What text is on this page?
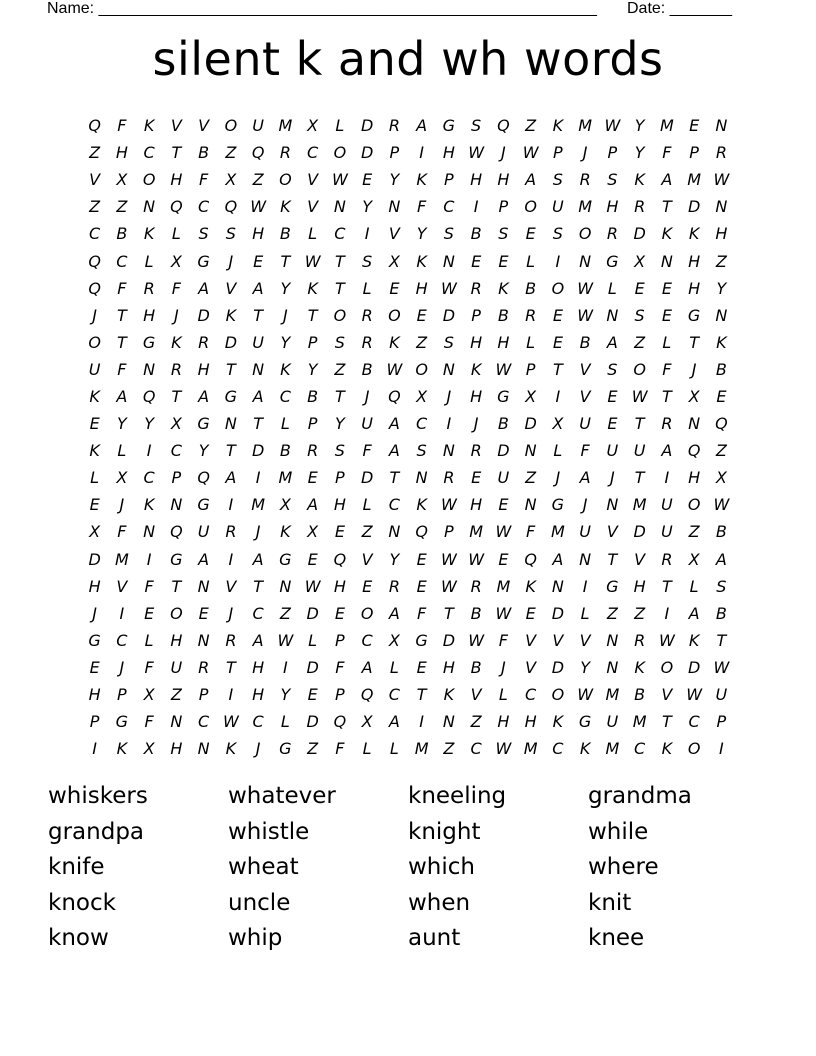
Name: ________________________________________________________ Date: _______
silent k and wh words
Q	F	K	V	V O U M X	L	D R	A G S Q Z	K M W Y M E	N
Z H C	T	B	Z Q R	C O D	P	I	H W	J	W P	J	P	Y	F	P	R
V	X O H	F	X	Z O V W E	Y	K	P	H H A	S	R	S	K	A M W
Z	Z N Q C Q W K	V N	Y	N	F	C	I	P	O U M H R	T	D N
C	B	K	L	S	S	H B	L	C	I	V	Y	S	B	S	E	S O R D K	K H
Q C	L	X G	J	E	T W T	S	X	K	N	E	E	L	I	N G X N H Z
Q	F	R	F	A	V	A	Y	K	T	L	E	H W R	K	B O W L	E	E	H	Y
J	T	H	J	D K	T	J	T	O R O E	D	P	B	R	E W N	S	E	G N
O	T	G K	R D U	Y	P	S	R	K	Z	S	H H	L	E	B	A	Z	L	T	K
U	F	N R H	T	N	K	Y	Z	B W O N	K W P	T	V	S O	F	J	B
K	A Q	T	A G A	C	B	T	J	Q X	J	H G X	I	V	E W T	X	E
E	Y	Y	X G N	T	L	P	Y	U A	C	I	J	B D X U	E	T	R N Q
K	L	I	C	Y	T	D B	R	S	F	A	S	N R D N	L	F	U U A Q Z
L	X	C	P	Q A	I	M E	P	D	T	N R	E	U Z	J	A	J	T	I	H X
E	J	K	N G	I	M X	A H	L	C	K W H	E	N G	J	N M U O W
X	F	N Q U R	J	K	X	E	Z N Q	P M W F M U V D U Z	B
D M	I	G A	I	A G E Q V	Y	E W W E Q A N	T	V	R	X	A
H V	F	T	N V	T	N W H	E	R	E W R M K	N	I	G H	T	L	S
J	I	E O E	J	C	Z D	E O A	F	T	B W E	D	L	Z	Z	I	A	B
G C	L	H N R	A W L	P	C	X G D W F	V	V	V N R W K	T
E	J	F	U R	T	H	I	D	F	A	L	E	H B	J	V D	Y	N	K O D W
H	P	X	Z	P	I	H	Y	E	P	Q C	T	K	V	L	C O W M B	V W U
P	G	F	N C W C	L	D Q X	A	I	N Z H H K G U M T	C	P
I	K	X H N	K	J	G Z	F	L	L M Z	C W M C	K M C	K O	I
whiskers	whatever	kneeling	grandma
grandpa	whistle	knight	while
knife	wheat	which	where
knock	uncle	when	knit
know	whip	aunt	knee
